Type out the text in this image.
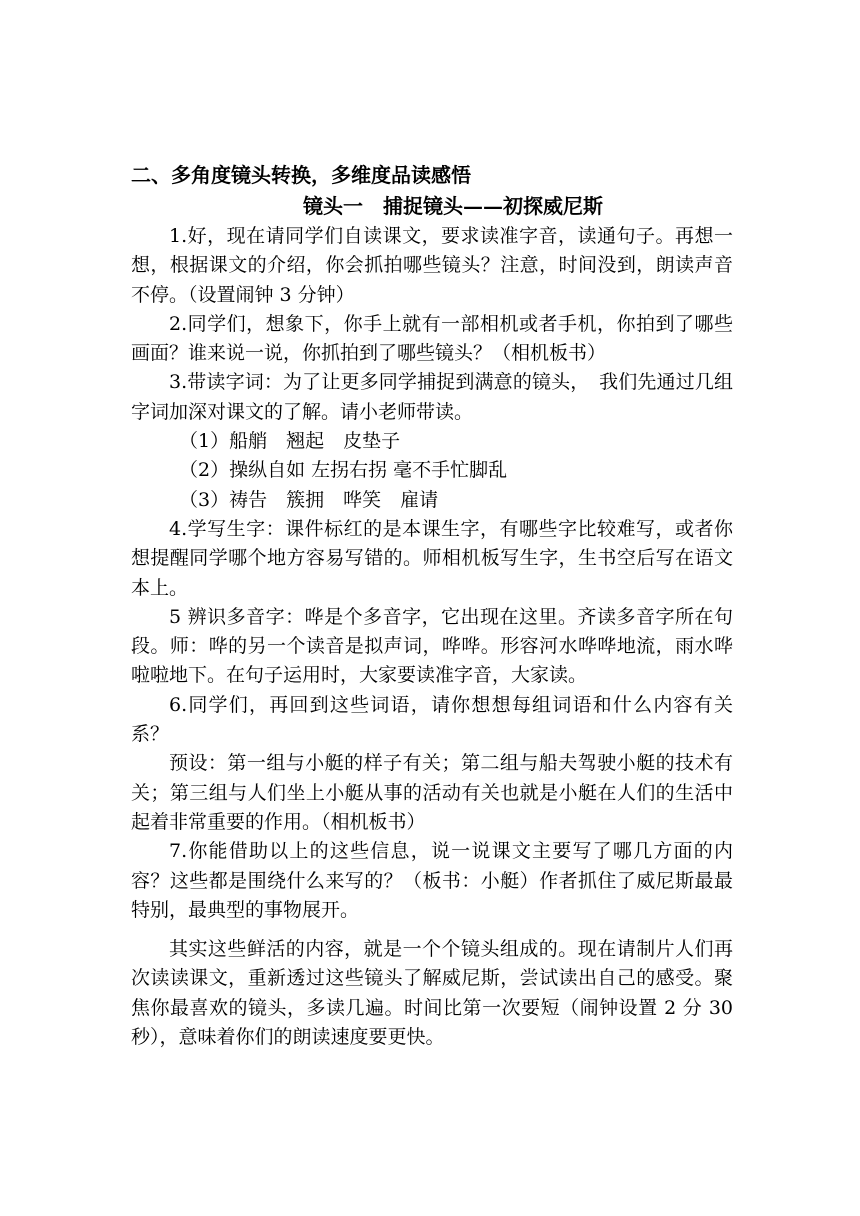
二、多角度镜头转换，多维度品读感悟

镜头一　捕捉镜头——初探威尼斯

1.好，现在请同学们自读课文，要求读准字音，读通句子。再想一想，根据课文的介绍，你会抓拍哪些镜头？注意，时间没到，朗读声音不停。（设置闹钟 3 分钟）

2.同学们，想象下，你手上就有一部相机或者手机，你拍到了哪些画面？谁来说一说，你抓拍到了哪些镜头？（相机板书）

3.带读字词：为了让更多同学捕捉到满意的镜头，　我们先通过几组字词加深对课文的了解。请小老师带读。

（1）船艄　翘起　皮垫子

（2）操纵自如 左拐右拐 毫不手忙脚乱

（3）祷告　簇拥　哗笑　雇请

4.学写生字：课件标红的是本课生字，有哪些字比较难写，或者你想提醒同学哪个地方容易写错的。师相机板写生字，生书空后写在语文本上。

5 辨识多音字：哗是个多音字，它出现在这里。齐读多音字所在句段。师：哗的另一个读音是拟声词，哗哗。形容河水哗哗地流，雨水哗啦啦地下。在句子运用时，大家要读准字音，大家读。

6.同学们，再回到这些词语，请你想想每组词语和什么内容有关系？

预设：第一组与小艇的样子有关；第二组与船夫驾驶小艇的技术有关；第三组与人们坐上小艇从事的活动有关也就是小艇在人们的生活中起着非常重要的作用。（相机板书）

7.你能借助以上的这些信息，说一说课文主要写了哪几方面的内容？这些都是围绕什么来写的？（板书：小艇）作者抓住了威尼斯最最特别，最典型的事物展开。

其实这些鲜活的内容，就是一个个镜头组成的。现在请制片人们再次读读课文，重新透过这些镜头了解威尼斯，尝试读出自己的感受。聚焦你最喜欢的镜头，多读几遍。时间比第一次要短（闹钟设置 2 分 30 秒），意味着你们的朗读速度要更快。
